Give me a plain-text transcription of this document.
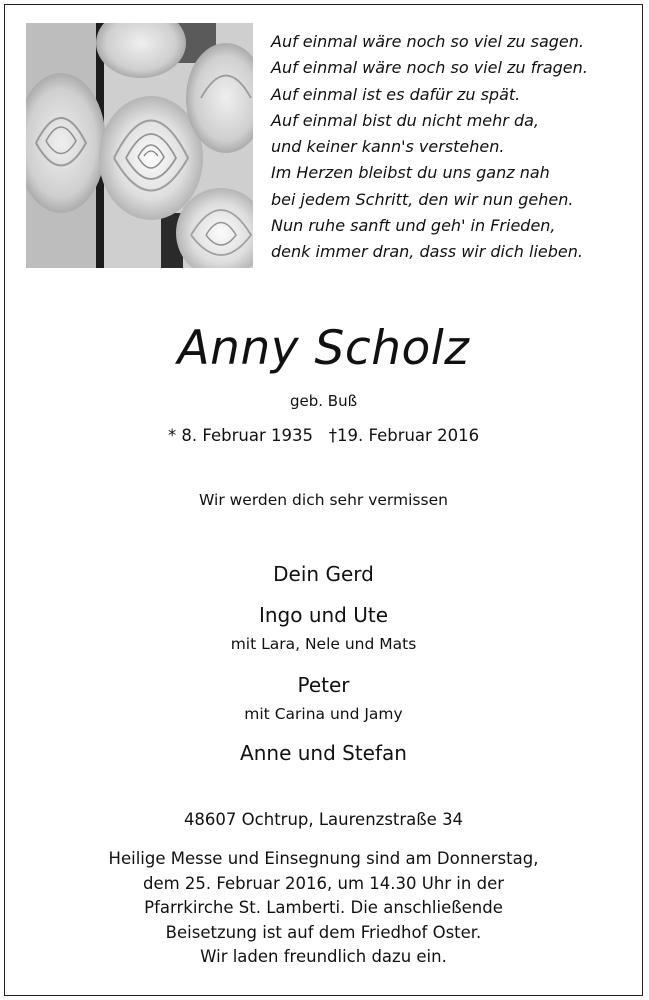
Auf einmal wäre noch so viel zu sagen.
Auf einmal wäre noch so viel zu fragen.
Auf einmal ist es dafür zu spät.
Auf einmal bist du nicht mehr da,
und keiner kann's verstehen.
Im Herzen bleibst du uns ganz nah
bei jedem Schritt, den wir nun gehen.
Nun ruhe sanft und geh' in Frieden,
denk immer dran, dass wir dich lieben.
Anny Scholz
geb. Buß
* 8. Februar 1935   †19. Februar 2016
Wir werden dich sehr vermissen
Dein Gerd
Ingo und Ute
mit Lara, Nele und Mats
Peter
mit Carina und Jamy
Anne und Stefan
48607 Ochtrup, Laurenzstraße 34
Heilige Messe und Einsegnung sind am Donnerstag,
dem 25. Februar 2016, um 14.30 Uhr in der
Pfarrkirche St. Lamberti. Die anschließende
Beisetzung ist auf dem Friedhof Oster.
Wir laden freundlich dazu ein.
